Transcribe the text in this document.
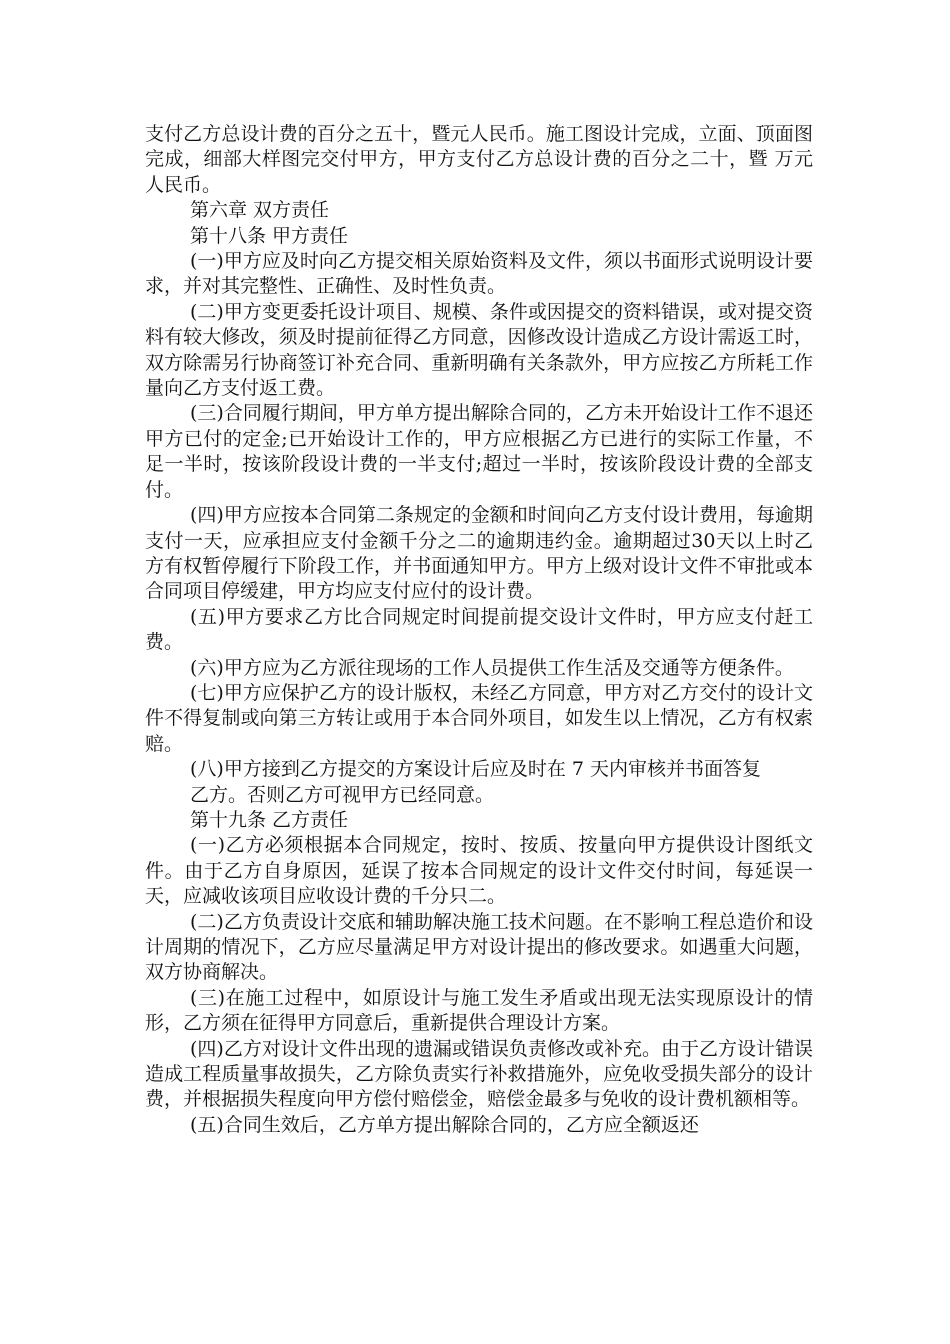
支付乙方总设计费的百分之五十，暨元人民币。施工图设计完成，立面、顶面图完成，细部大样图完交付甲方，甲方支付乙方总设计费的百分之二十，暨 万元人民币。

第六章 双方责任

第十八条 甲方责任

(一)甲方应及时向乙方提交相关原始资料及文件，须以书面形式说明设计要求，并对其完整性、正确性、及时性负责。

(二)甲方变更委托设计项目、规模、条件或因提交的资料错误，或对提交资料有较大修改，须及时提前征得乙方同意，因修改设计造成乙方设计需返工时，双方除需另行协商签订补充合同、重新明确有关条款外，甲方应按乙方所耗工作量向乙方支付返工费。

(三)合同履行期间，甲方单方提出解除合同的，乙方未开始设计工作不退还甲方已付的定金;已开始设计工作的，甲方应根据乙方已进行的实际工作量，不足一半时，按该阶段设计费的一半支付;超过一半时，按该阶段设计费的全部支付。

(四)甲方应按本合同第二条规定的金额和时间向乙方支付设计费用，每逾期支付一天，应承担应支付金额千分之二的逾期违约金。逾期超过30天以上时乙方有权暂停履行下阶段工作，并书面通知甲方。甲方上级对设计文件不审批或本合同项目停缓建，甲方均应支付应付的设计费。

(五)甲方要求乙方比合同规定时间提前提交设计文件时，甲方应支付赶工费。

(六)甲方应为乙方派往现场的工作人员提供工作生活及交通等方便条件。

(七)甲方应保护乙方的设计版权，未经乙方同意，甲方对乙方交付的设计文件不得复制或向第三方转让或用于本合同外项目，如发生以上情况，乙方有权索赔。

(八)甲方接到乙方提交的方案设计后应及时在 7 天内审核并书面答复

乙方。否则乙方可视甲方已经同意。

第十九条 乙方责任

(一)乙方必须根据本合同规定，按时、按质、按量向甲方提供设计图纸文件。由于乙方自身原因，延误了按本合同规定的设计文件交付时间，每延误一天，应减收该项目应收设计费的千分只二。

(二)乙方负责设计交底和辅助解决施工技术问题。在不影响工程总造价和设计周期的情况下，乙方应尽量满足甲方对设计提出的修改要求。如遇重大问题，双方协商解决。

(三)在施工过程中，如原设计与施工发生矛盾或出现无法实现原设计的情形，乙方须在征得甲方同意后，重新提供合理设计方案。

(四)乙方对设计文件出现的遗漏或错误负责修改或补充。由于乙方设计错误造成工程质量事故损失，乙方除负责实行补救措施外，应免收受损失部分的设计费，并根据损失程度向甲方偿付赔偿金，赔偿金最多与免收的设计费机额相等。

(五)合同生效后，乙方单方提出解除合同的，乙方应全额返还
